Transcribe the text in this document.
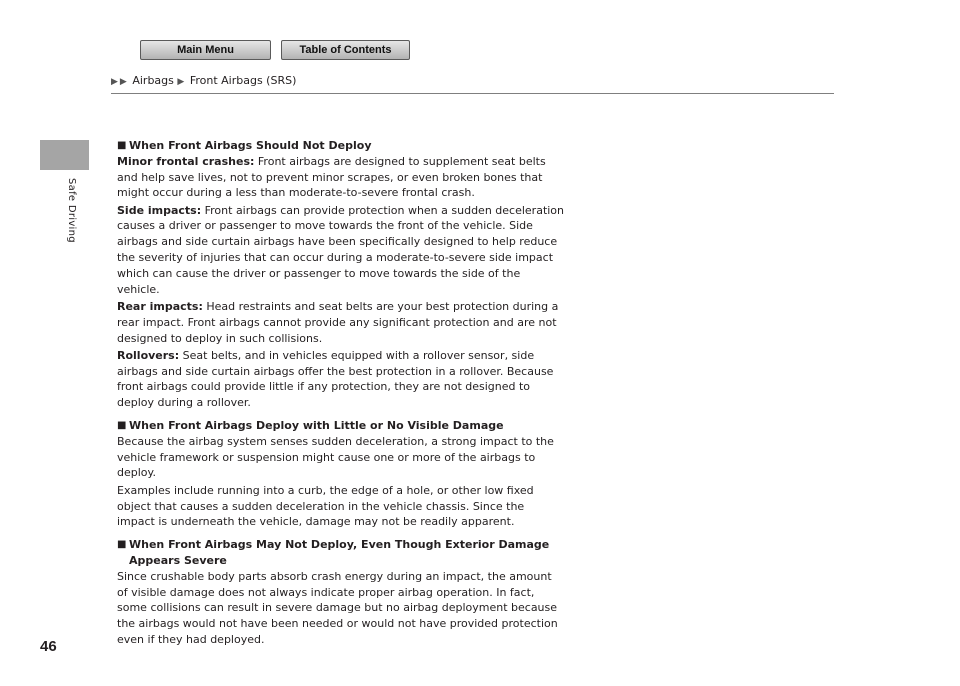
Main Menu	Table of Contents
▶ ▶ Airbags ▶ Front Airbags (SRS)
Safe Driving
46
■ When Front Airbags Should Not Deploy

Minor frontal crashes: Front airbags are designed to supplement seat belts and help save lives, not to prevent minor scrapes, or even broken bones that might occur during a less than moderate-to-severe frontal crash.

Side impacts: Front airbags can provide protection when a sudden deceleration causes a driver or passenger to move towards the front of the vehicle. Side airbags and side curtain airbags have been specifically designed to help reduce the severity of injuries that can occur during a moderate-to-severe side impact which can cause the driver or passenger to move towards the side of the vehicle.

Rear impacts: Head restraints and seat belts are your best protection during a rear impact. Front airbags cannot provide any significant protection and are not designed to deploy in such collisions.

Rollovers: Seat belts, and in vehicles equipped with a rollover sensor, side airbags and side curtain airbags offer the best protection in a rollover. Because front airbags could provide little if any protection, they are not designed to deploy during a rollover.

■ When Front Airbags Deploy with Little or No Visible Damage

Because the airbag system senses sudden deceleration, a strong impact to the vehicle framework or suspension might cause one or more of the airbags to deploy.

Examples include running into a curb, the edge of a hole, or other low fixed object that causes a sudden deceleration in the vehicle chassis. Since the impact is underneath the vehicle, damage may not be readily apparent.

■ When Front Airbags May Not Deploy, Even Though Exterior Damage Appears Severe

Since crushable body parts absorb crash energy during an impact, the amount of visible damage does not always indicate proper airbag operation. In fact, some collisions can result in severe damage but no airbag deployment because the airbags would not have been needed or would not have provided protection even if they had deployed.
